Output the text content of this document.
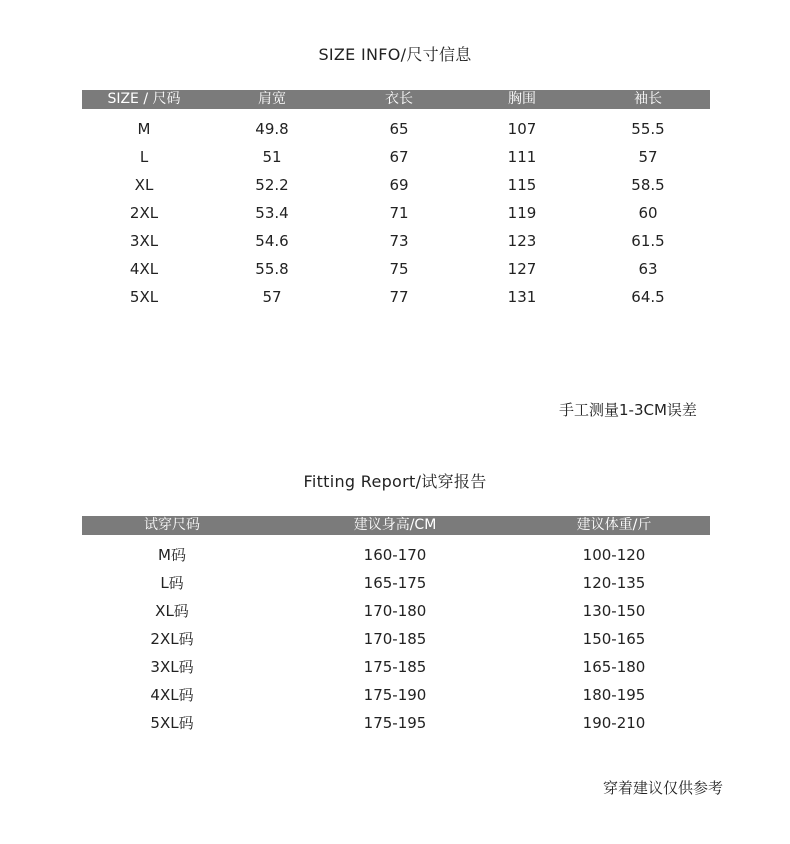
SIZE INFO/尺寸信息
SIZE / 尺码	肩宽	衣长	胸围	袖长
M	49.8	65	107	55.5
L	51	67	111	57
XL	52.2	69	115	58.5
2XL	53.4	71	119	60
3XL	54.6	73	123	61.5
4XL	55.8	75	127	63
5XL	57	77	131	64.5
手工测量1-3CM误差
Fitting Report/试穿报告
试穿尺码	建议身高/CM	建议体重/斤
M码	160-170	100-120
L码	165-175	120-135
XL码	170-180	130-150
2XL码	170-185	150-165
3XL码	175-185	165-180
4XL码	175-190	180-195
5XL码	175-195	190-210
穿着建议仅供参考
